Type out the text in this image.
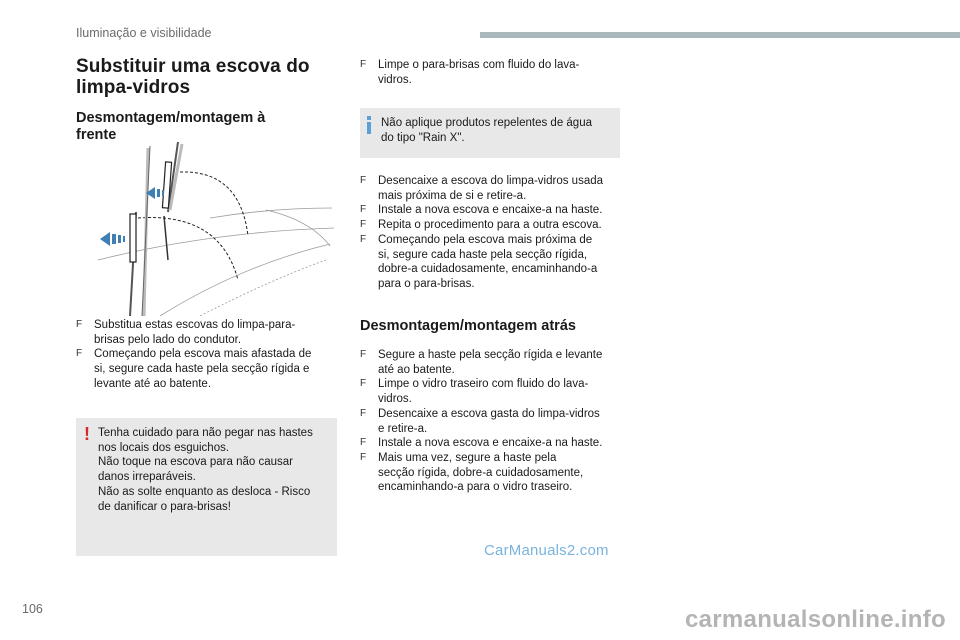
Iluminação e visibilidade
Substituir uma escova do
limpa-vidros
Desmontagem/montagem à
frente
F Substitua estas escovas do limpa-para-
brisas pelo lado do condutor.
F Começando pela escova mais afastada de
si, segure cada haste pela secção rígida e
levante até ao batente.
! Tenha cuidado para não pegar nas hastes
nos locais dos esguichos.
Não toque na escova para não causar
danos irreparáveis.
Não as solte enquanto as desloca - Risco
de danificar o para-brisas!
F Limpe o para-brisas com fluido do lava-
vidros.
Não aplique produtos repelentes de água
do tipo "Rain X".
F Desencaixe a escova do limpa-vidros usada
mais próxima de si e retire-a.
F Instale a nova escova e encaixe-a na haste.
F Repita o procedimento para a outra escova.
F Começando pela escova mais próxima de
si, segure cada haste pela secção rígida,
dobre-a cuidadosamente, encaminhando-a
para o para-brisas.
Desmontagem/montagem atrás
F Segure a haste pela secção rígida e levante
até ao batente.
F Limpe o vidro traseiro com fluido do lava-
vidros.
F Desencaixe a escova gasta do limpa-vidros
e retire-a.
F Instale a nova escova e encaixe-a na haste.
F Mais uma vez, segure a haste pela
secção rígida, dobre-a cuidadosamente,
encaminhando-a para o vidro traseiro.
CarManuals2.com
106	carmanualsonline.info
